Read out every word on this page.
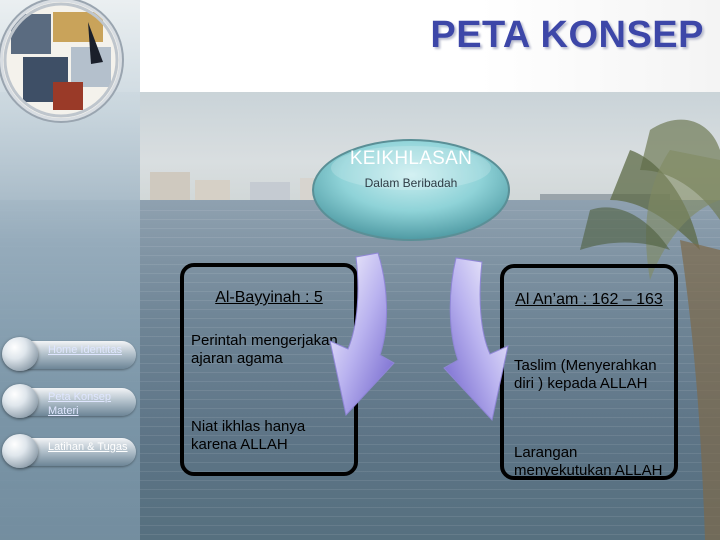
PETA KONSEP
Home Identitas
Peta Konsep Materi
Latihan & Tugas
KEIKHLASAN
Dalam Beribadah
Al-Bayyinah : 5
Perintah mengerjakan ajaran agama
Niat ikhlas hanya karena ALLAH
Al An’am : 162 – 163
Taslim (Menyerahkan diri ) kepada ALLAH
Larangan menyekutukan ALLAH
